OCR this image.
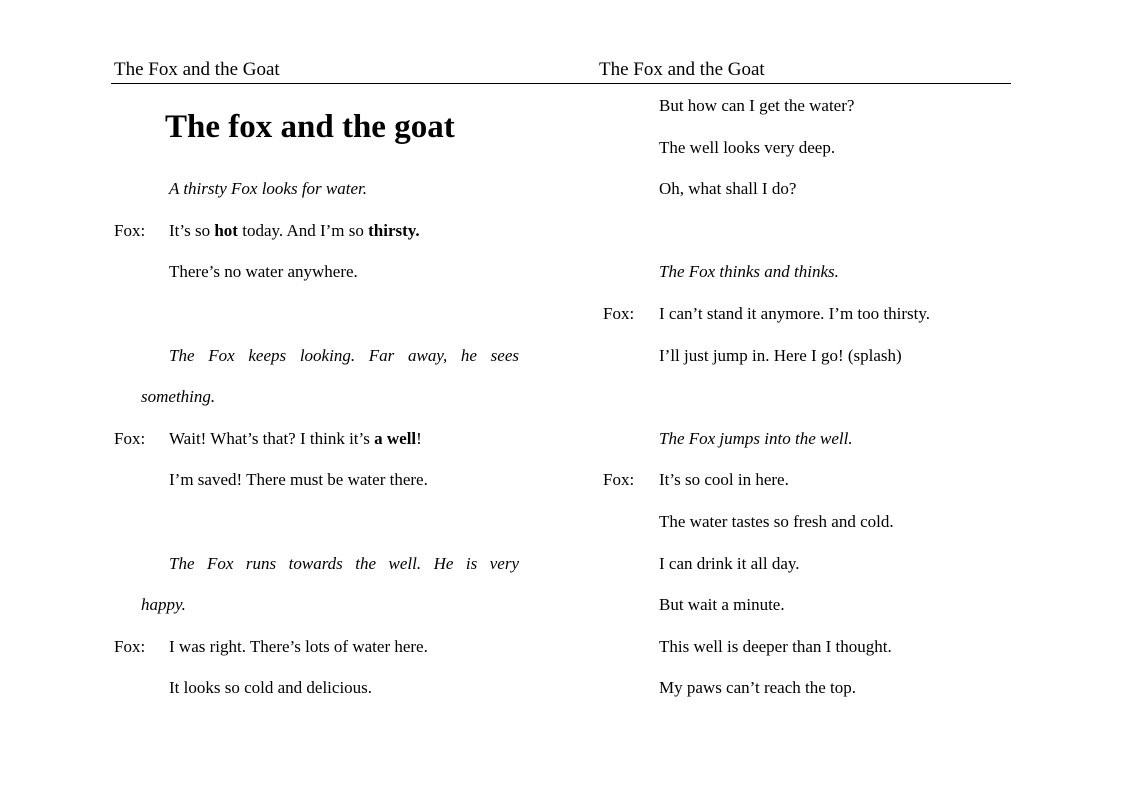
The Fox and the Goat	The Fox and the Goat
The fox and the goat
A thirsty Fox looks for water.
Fox: It’s so hot today. And I’m so thirsty.
There’s no water anywhere.
The Fox keeps looking. Far away, he sees
something.
Fox: Wait! What’s that? I think it’s a well!
I’m saved! There must be water there.
The Fox runs towards the well. He is very
happy.
Fox: I was right. There’s lots of water here.
It looks so cold and delicious.
But how can I get the water?
The well looks very deep.
Oh, what shall I do?
The Fox thinks and thinks.
Fox: I can’t stand it anymore. I’m too thirsty.
I’ll just jump in. Here I go! (splash)
The Fox jumps into the well.
Fox: It’s so cool in here.
The water tastes so fresh and cold.
I can drink it all day.
But wait a minute.
This well is deeper than I thought.
My paws can’t reach the top.
